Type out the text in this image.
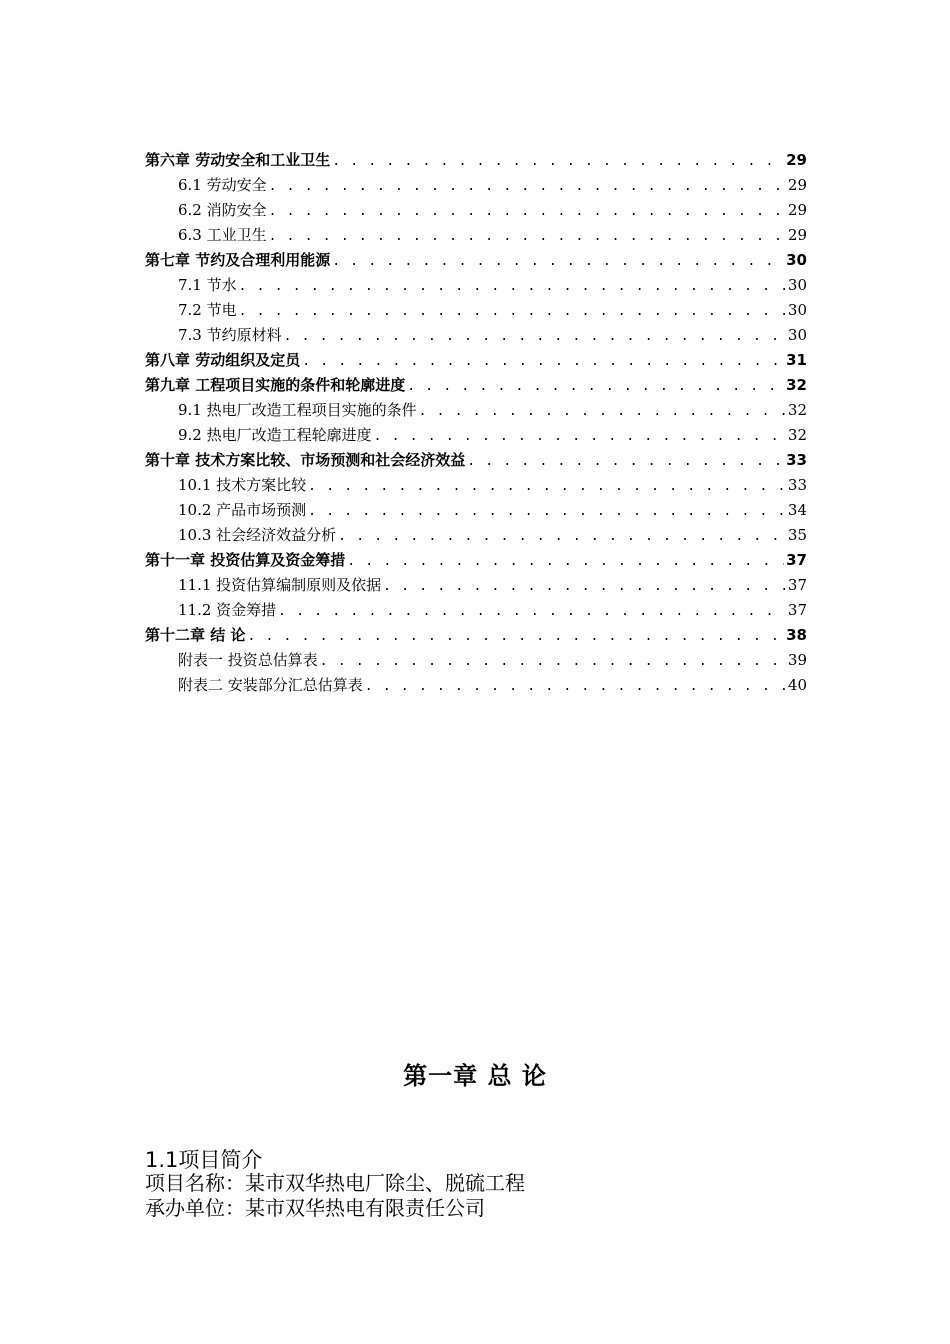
第六章 劳动安全和工业卫生 . . .	29
6.1 劳动安全 . . .	29
6.2 消防安全 . . .	29
6.3 工业卫生 . . .	29
第七章 节约及合理利用能源 . . .	30
7.1 节水 . . .	30
7.2 节电 . . .	30
7.3 节约原材料 . . .	30
第八章 劳动组织及定员 . . .	31
第九章 工程项目实施的条件和轮廓进度 . . .	32
9.1 热电厂改造工程项目实施的条件 . . .	32
9.2 热电厂改造工程轮廓进度 . . .	32
第十章 技术方案比较、市场预测和社会经济效益 . . .	33
10.1 技术方案比较 . . .	33
10.2 产品市场预测 . . .	34
10.3 社会经济效益分析 . . .	35
第十一章 投资估算及资金筹措 . . .	37
11.1 投资估算编制原则及依据 . . .	37
11.2 资金筹措 . . .	37
第十二章 结 论 . . .	38
附表一 投资总估算表 . . .	39
附表二 安装部分汇总估算表 . . .	40
第一章 总 论
1.1项目简介

项目名称：某市双华热电厂除尘、脱硫工程

承办单位：某市双华热电有限责任公司
